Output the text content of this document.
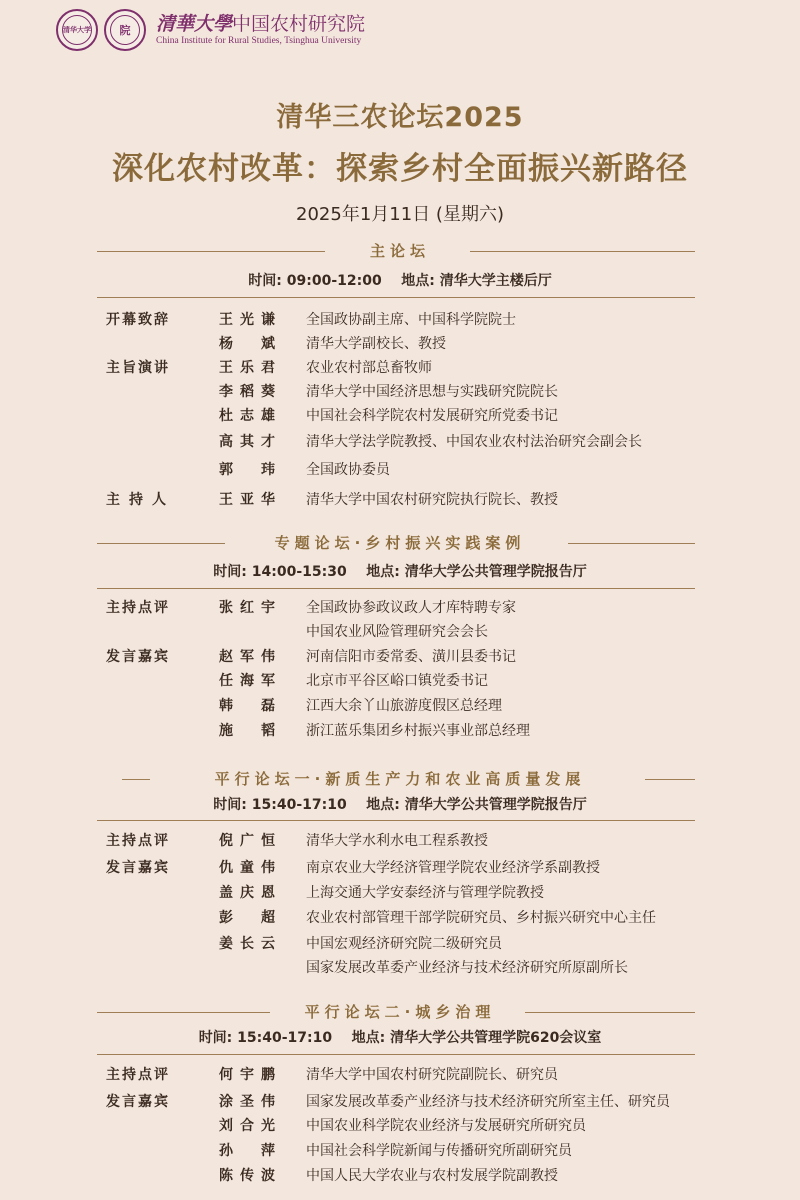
清华大学	院	清華大學中国农村研究院
China Institute for Rural Studies, Tsinghua University
清华三农论坛2025
深化农村改革：探索乡村全面振兴新路径
2025年1月11日 (星期六)
主论坛
时间: 09:00-12:00 地点: 清华大学主楼后厅
开幕致辞	王光谦 全国政协副主席、中国科学院院士
杨斌 清华大学副校长、教授
主旨演讲	王乐君 农业农村部总畜牧师
李稻葵 清华大学中国经济思想与实践研究院院长
杜志雄 中国社会科学院农村发展研究所党委书记
高其才 清华大学法学院教授、中国农业农村法治研究会副会长
郭玮 全国政协委员
主持人	王亚华 清华大学中国农村研究院执行院长、教授
专题论坛·乡村振兴实践案例
时间: 14:00-15:30 地点: 清华大学公共管理学院报告厅
主持点评	张红宇 全国政协参政议政人才库特聘专家
中国农业风险管理研究会会长
发言嘉宾	赵军伟 河南信阳市委常委、潢川县委书记
任海军 北京市平谷区峪口镇党委书记
韩磊 江西大余丫山旅游度假区总经理
施韬 浙江蓝乐集团乡村振兴事业部总经理
平行论坛一·新质生产力和农业高质量发展
时间: 15:40-17:10 地点: 清华大学公共管理学院报告厅
主持点评	倪广恒 清华大学水利水电工程系教授
发言嘉宾	仇童伟 南京农业大学经济管理学院农业经济学系副教授
盖庆恩 上海交通大学安泰经济与管理学院教授
彭超 农业农村部管理干部学院研究员、乡村振兴研究中心主任
姜长云 中国宏观经济研究院二级研究员
国家发展改革委产业经济与技术经济研究所原副所长
平行论坛二·城乡治理
时间: 15:40-17:10 地点: 清华大学公共管理学院620会议室
主持点评	何宇鹏 清华大学中国农村研究院副院长、研究员
发言嘉宾	涂圣伟 国家发展改革委产业经济与技术经济研究所室主任、研究员
刘合光 中国农业科学院农业经济与发展研究所研究员
孙萍 中国社会科学院新闻与传播研究所副研究员
陈传波 中国人民大学农业与农村发展学院副教授
